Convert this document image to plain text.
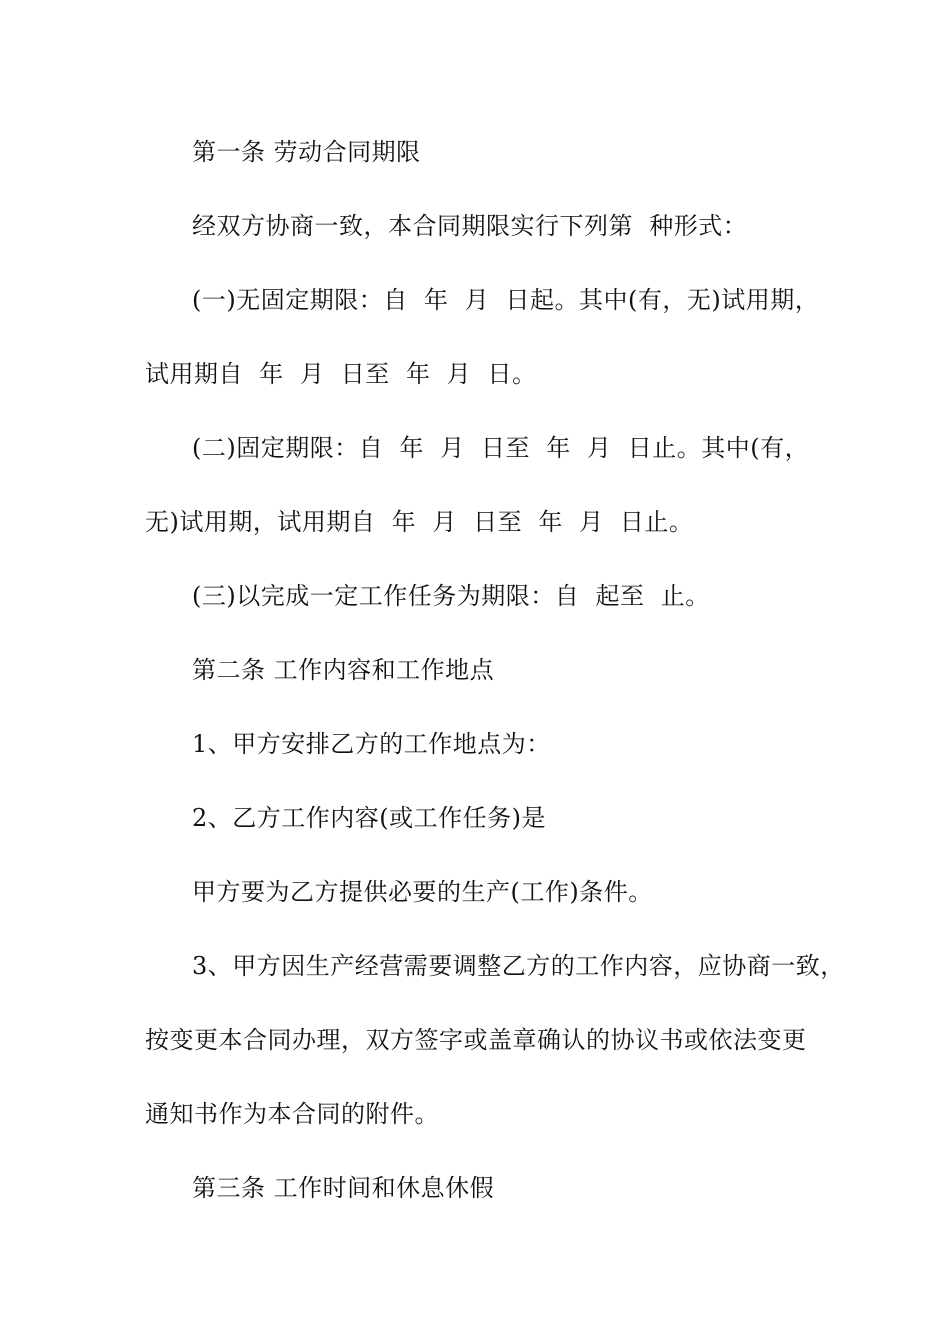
第一条 劳动合同期限
经双方协商一致，本合同期限实行下列第  种形式：
(一)无固定期限：自  年  月  日起。其中(有，无)试用期，
试用期自  年  月  日至  年  月  日。
(二)固定期限：自  年  月  日至  年  月  日止。其中(有，
无)试用期，试用期自  年  月  日至  年  月  日止。
(三)以完成一定工作任务为期限：自  起至  止。
第二条 工作内容和工作地点
1、甲方安排乙方的工作地点为：
2、乙方工作内容(或工作任务)是
甲方要为乙方提供必要的生产(工作)条件。
3、甲方因生产经营需要调整乙方的工作内容，应协商一致，
按变更本合同办理，双方签字或盖章确认的协议书或依法变更
通知书作为本合同的附件。
第三条 工作时间和休息休假
